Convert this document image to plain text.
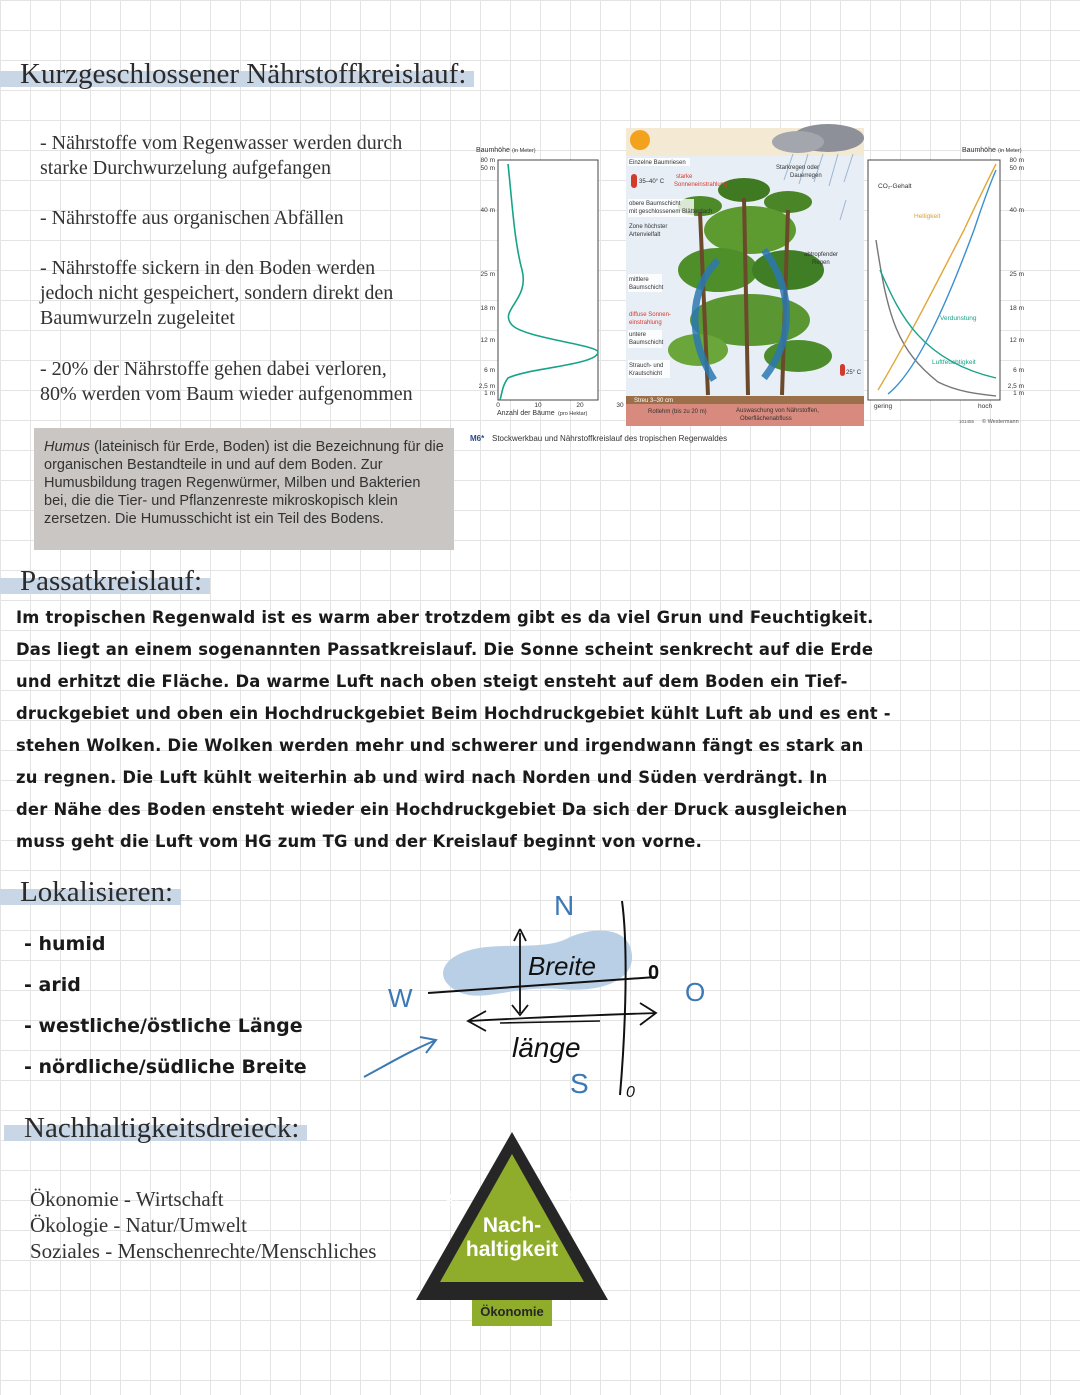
Kurzgeschlossener Nährstoffkreislauf:
- Nährstoffe vom Regenwasser werden durch
starke Durchwurzelung aufgefangen
- Nährstoffe aus organischen Abfällen
- Nährstoffe sickern in den Boden werden
jedoch nicht gespeichert, sondern direkt den
Baumwurzeln zugeleitet
- 20% der Nährstoffe gehen dabei verloren,
80% werden vom Baum wieder aufgenommen
Humus (lateinisch für Erde, Boden) ist die Bezeichnung für die organischen Bestandteile in und auf dem Boden. Zur Humusbildung tragen Regenwürmer, Milben und Bakterien bei, die die Tier- und Pflanzenreste mikroskopisch klein zersetzen. Die Humusschicht ist ein Teil des Bodens.
Baumhöhe (in Meter)
80 m
50 m
40 m
25 m
18 m
12 m
6 m
2,5 m
1 m
0	10	20	30
Anzahl der Bäume (pro Hektar)
Einzelne Baumriesen
35–40° C
starke
Sonneneinstrahlung
obere Baumschicht
mit geschlossenem Blätterdach
Zone höchster
Artenvielfalt
mittlere
Baumschicht
diffuse Sonnen-
einstrahlung
untere
Baumschicht
Strauch- und
Krautschicht
Streu 3–30 cm
Rotlehm (bis zu 20 m)
Starkregen oder
Dauerregen
abtropfender
Regen
25° C
Auswaschung von Nährstoffen,
Oberflächenabfluss
CO₂-Gehalt
Helligkeit
Verdunstung
Luftfeuchtigkeit
gering	hoch
Baumhöhe (in Meter)
80 m
50 m
40 m
25 m
18 m
12 m
6 m
2,5 m
1 m
101455 © Westermann
M6* Stockwerkbau und Nährstoffkreislauf des tropischen Regenwaldes
Passatkreislauf:
Im tropischen Regenwald ist es warm aber trotzdem gibt es da viel Grun und Feuchtigkeit.
Das liegt an einem sogenannten Passatkreislauf. Die Sonne scheint senkrecht auf die Erde
und erhitzt die Fläche. Da warme Luft nach oben steigt ensteht auf dem Boden ein Tief-
druckgebiet und oben ein Hochdruckgebiet Beim Hochdruckgebiet kühlt Luft ab und es ent -
stehen Wolken. Die Wolken werden mehr und schwerer und irgendwann fängt es stark an
zu regnen. Die Luft kühlt weiterhin ab und wird nach Norden und Süden verdrängt. In
der Nähe des Boden ensteht wieder ein Hochdruckgebiet Da sich der Druck ausgleichen
muss geht die Luft vom HG zum TG und der Kreislauf beginnt von vorne.
Lokalisieren:
- humid
- arid
- westliche/östliche Länge
- nördliche/südliche Breite
N
S
W	O
Breite
länge
0
0
Nachhaltigkeitsdreieck:
Ökonomie - Wirtschaft
Ökologie - Natur/Umwelt
Soziales - Menschenrechte/Menschliches
Nach-
haltigkeit
Ökologie	Soziales
Ökonomie
